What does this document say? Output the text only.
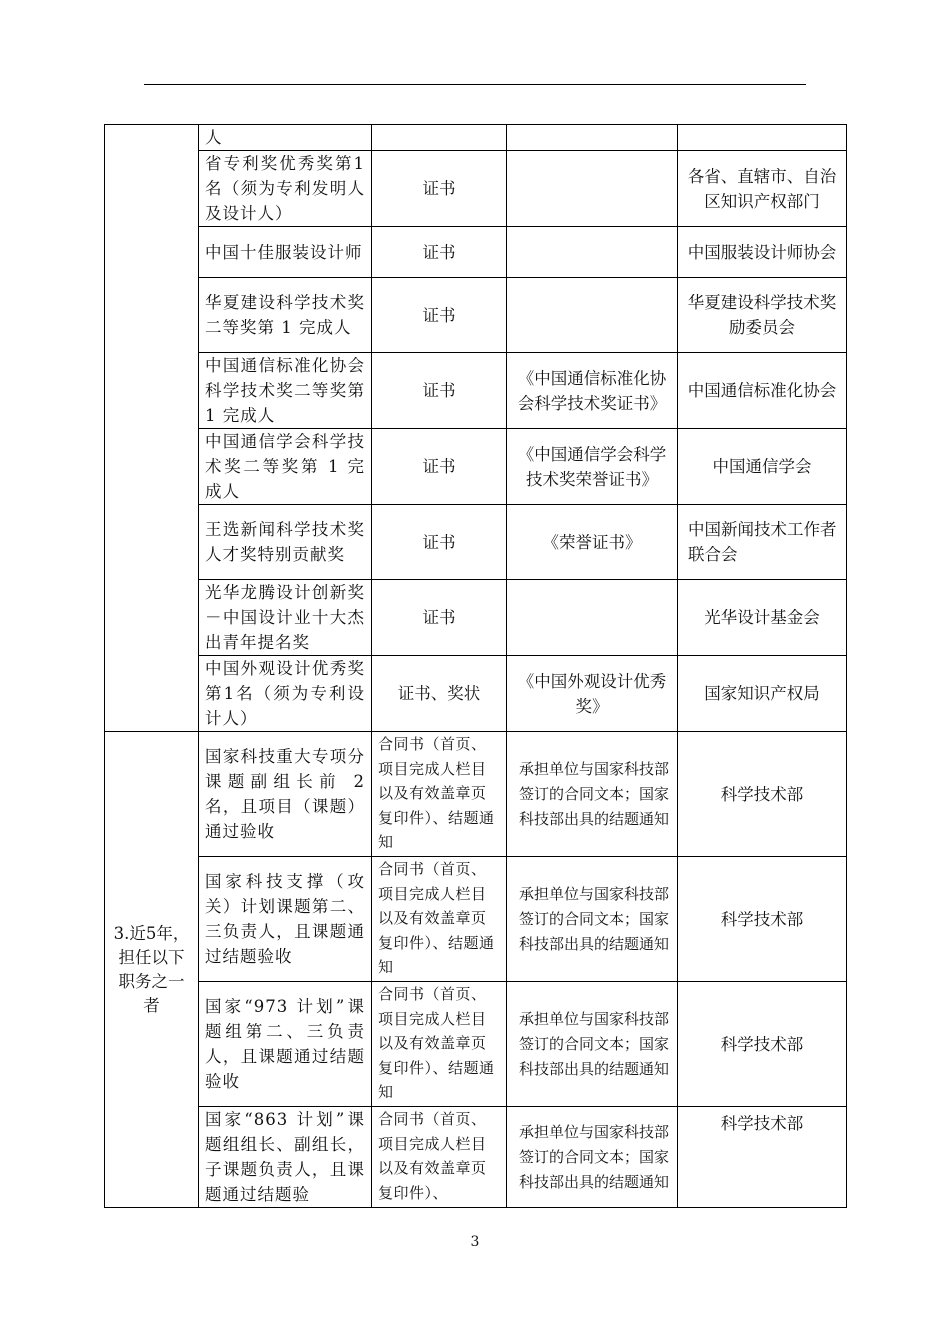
	人			
	省专利奖优秀奖第1名（须为专利发明人及设计人）	证书		各省、直辖市、自治区知识产权部门
	中国十佳服装设计师	证书		中国服装设计师协会
	华夏建设科学技术奖二等奖第 1 完成人	证书		华夏建设科学技术奖励委员会
	中国通信标准化协会科学技术奖二等奖第 1 完成人	证书	《中国通信标准化协会科学技术奖证书》	中国通信标准化协会
	中国通信学会科学技术奖二等奖第 1 完成人	证书	《中国通信学会科学技术奖荣誉证书》	中国通信学会
	王选新闻科学技术奖人才奖特别贡献奖	证书	《荣誉证书》	中国新闻技术工作者联合会
	光华龙腾设计创新奖－中国设计业十大杰出青年提名奖	证书		光华设计基金会
	中国外观设计优秀奖第1名（须为专利设计人）	证书、奖状	《中国外观设计优秀奖》	国家知识产权局
3.近5年，担任以下职务之一者	国家科技重大专项分课题副组长前 2 名，且项目（课题）通过验收	合同书（首页、项目完成人栏目以及有效盖章页复印件）、结题通知	承担单位与国家科技部签订的合同文本；国家科技部出具的结题通知	科学技术部
	国家科技支撑（攻关）计划课题第二、三负责人，且课题通过结题验收	合同书（首页、项目完成人栏目以及有效盖章页复印件）、结题通知	承担单位与国家科技部签订的合同文本；国家科技部出具的结题通知	科学技术部
	国家“973 计划”课题组第二、三负责人，且课题通过结题验收	合同书（首页、项目完成人栏目以及有效盖章页复印件）、结题通知	承担单位与国家科技部签订的合同文本；国家科技部出具的结题通知	科学技术部
	国家“863 计划”课题组组长、副组长，子课题负责人，且课题通过结题验	合同书（首页、项目完成人栏目以及有效盖章页复印件）、	承担单位与国家科技部签订的合同文本；国家科技部出具的结题通知	科学技术部
3
